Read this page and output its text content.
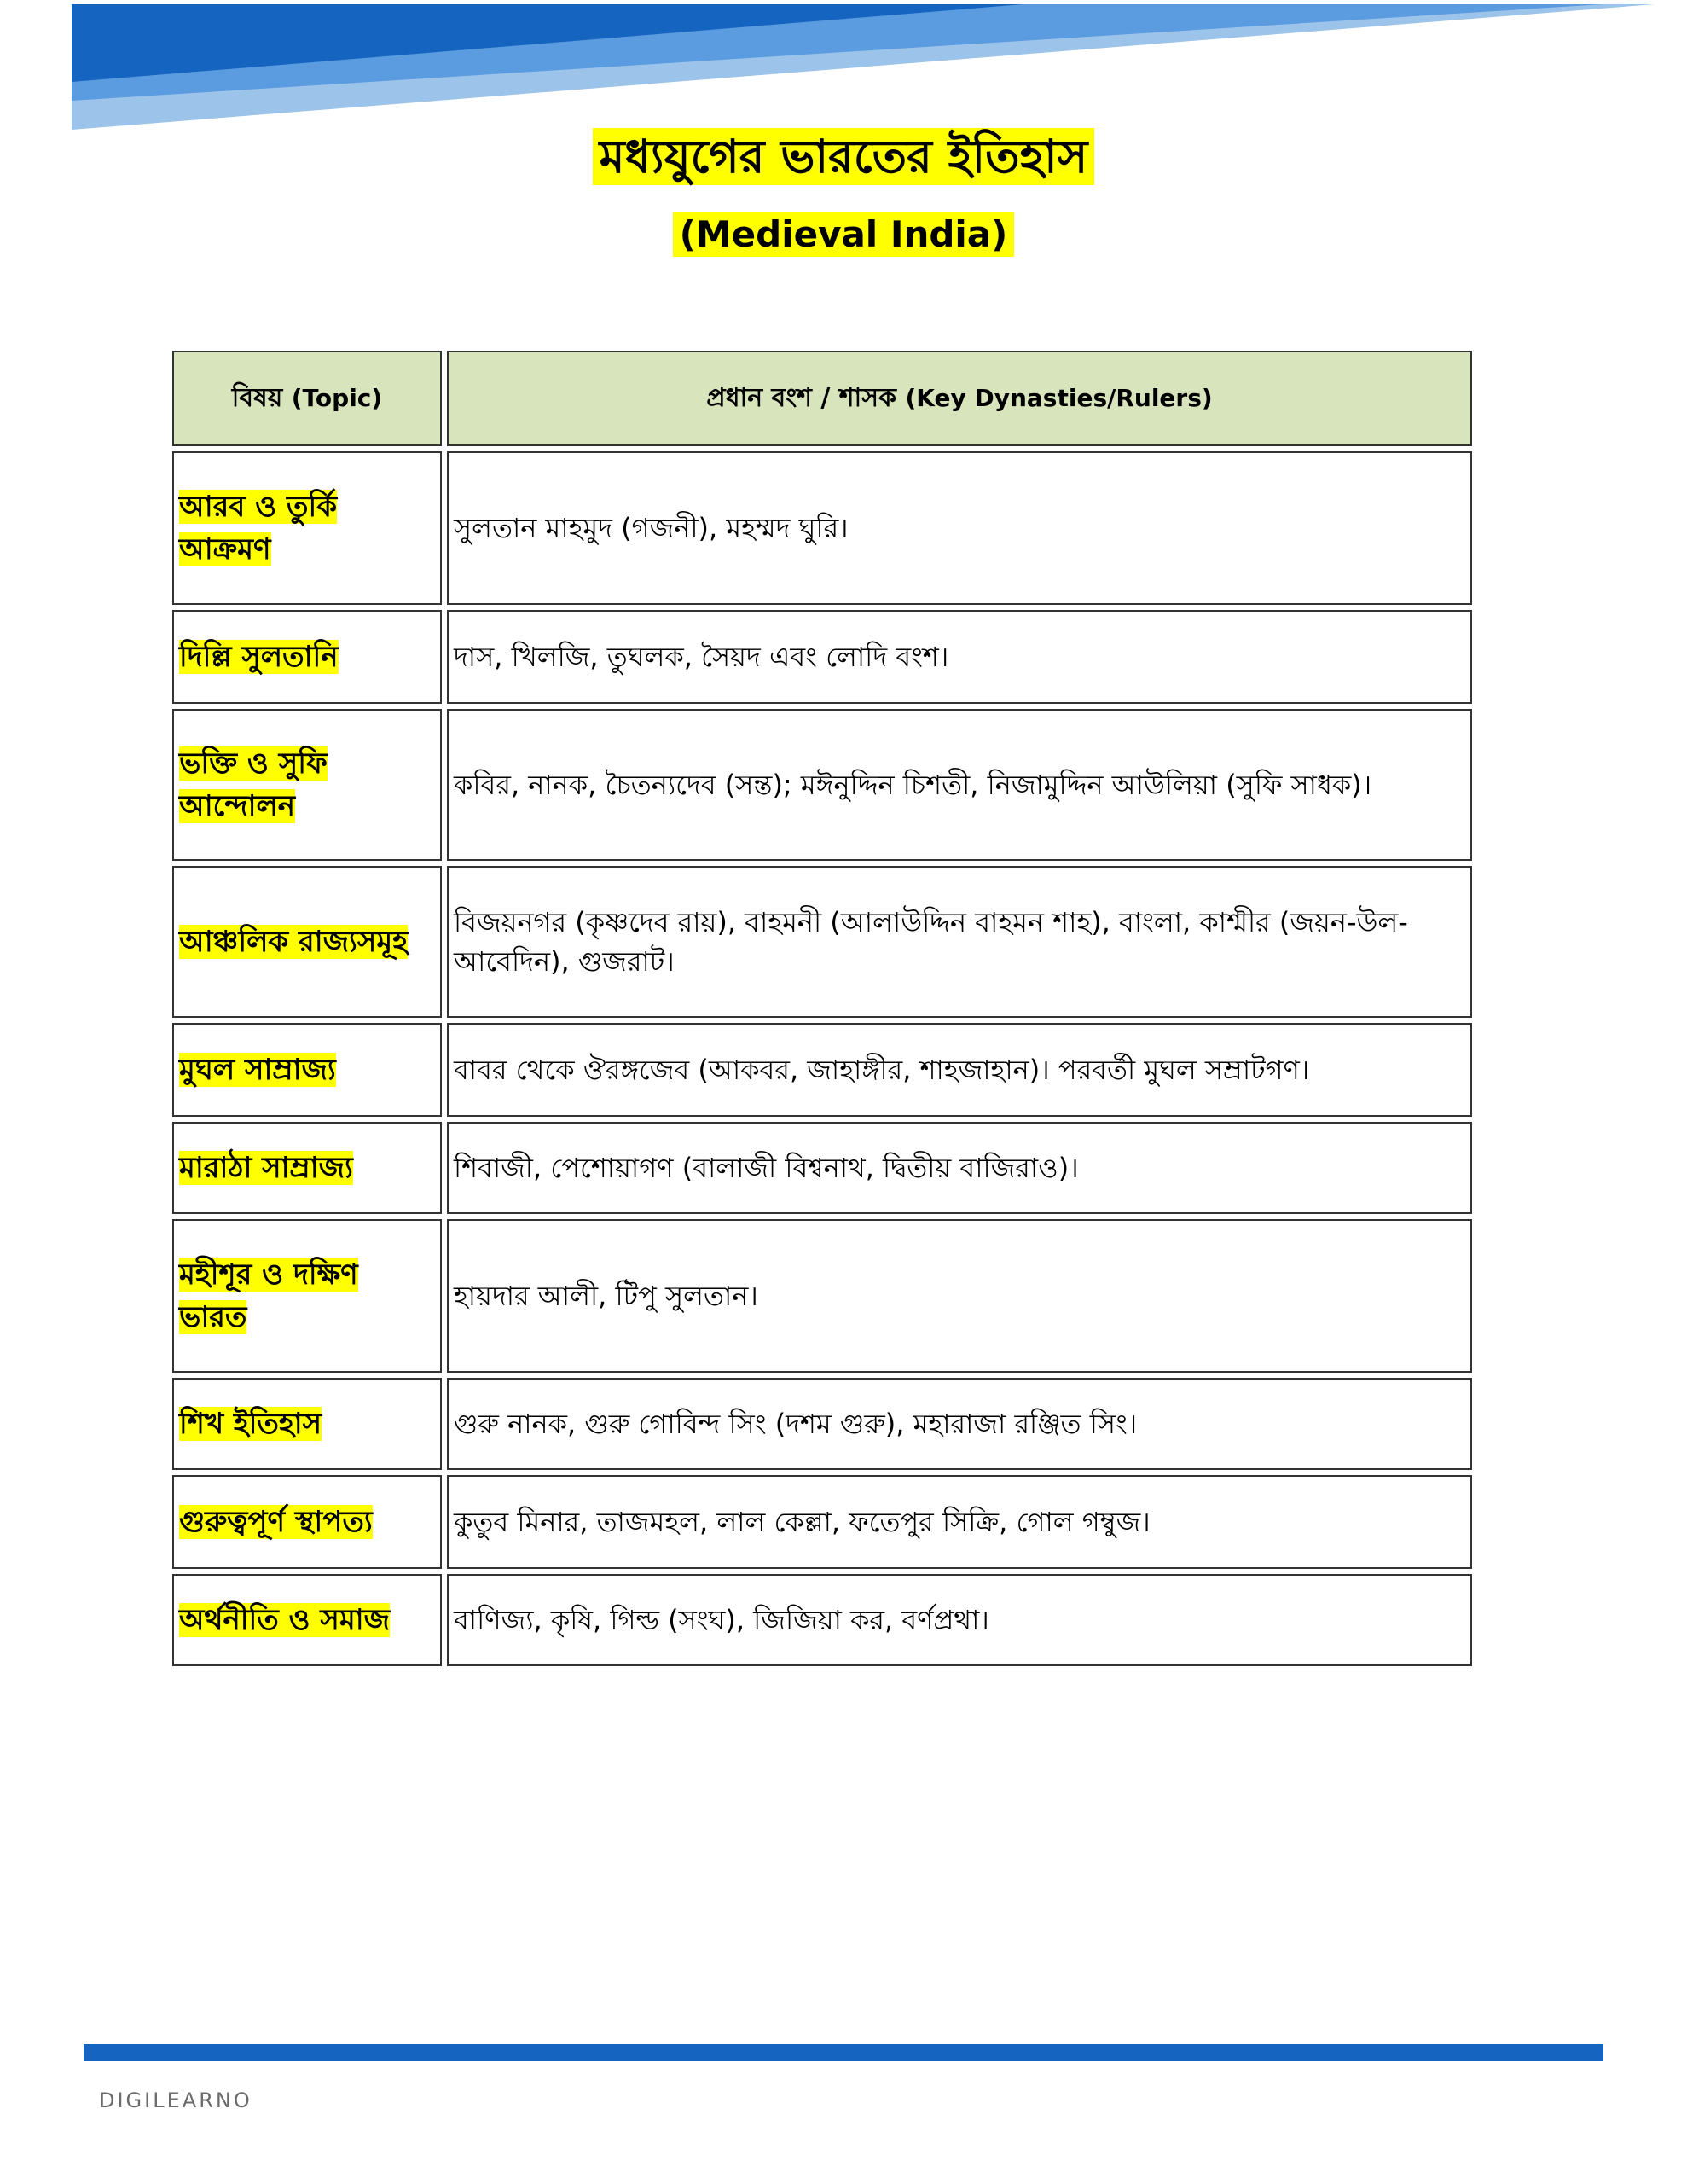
মধ্যযুগের ভারতের ইতিহাস
(Medieval India)
বিষয় (Topic)	প্রধান বংশ / শাসক (Key Dynasties/Rulers)
আরব ও তুর্কি আক্রমণ	সুলতান মাহমুদ (গজনী), মহম্মদ ঘুরি।
দিল্লি সুলতানি	দাস, খিলজি, তুঘলক, সৈয়দ এবং লোদি বংশ।
ভক্তি ও সুফি আন্দোলন	কবির, নানক, চৈতন্যদেব (সন্ত); মঈনুদ্দিন চিশতী, নিজামুদ্দিন আউলিয়া (সুফি সাধক)।
আঞ্চলিক রাজ্যসমূহ	বিজয়নগর (কৃষ্ণদেব রায়), বাহমনী (আলাউদ্দিন বাহমন শাহ), বাংলা, কাশ্মীর (জয়ন-উল-আবেদিন), গুজরাট।
মুঘল সাম্রাজ্য	বাবর থেকে ঔরঙ্গজেব (আকবর, জাহাঙ্গীর, শাহজাহান)। পরবর্তী মুঘল সম্রাটগণ।
মারাঠা সাম্রাজ্য	শিবাজী, পেশোয়াগণ (বালাজী বিশ্বনাথ, দ্বিতীয় বাজিরাও)।
মহীশূর ও দক্ষিণ ভারত	হায়দার আলী, টিপু সুলতান।
শিখ ইতিহাস	গুরু নানক, গুরু গোবিন্দ সিং (দশম গুরু), মহারাজা রঞ্জিত সিং।
গুরুত্বপূর্ণ স্থাপত্য	কুতুব মিনার, তাজমহল, লাল কেল্লা, ফতেপুর সিক্রি, গোল গম্বুজ।
অর্থনীতি ও সমাজ	বাণিজ্য, কৃষি, গিল্ড (সংঘ), জিজিয়া কর, বর্ণপ্রথা।
DIGILEARNO
